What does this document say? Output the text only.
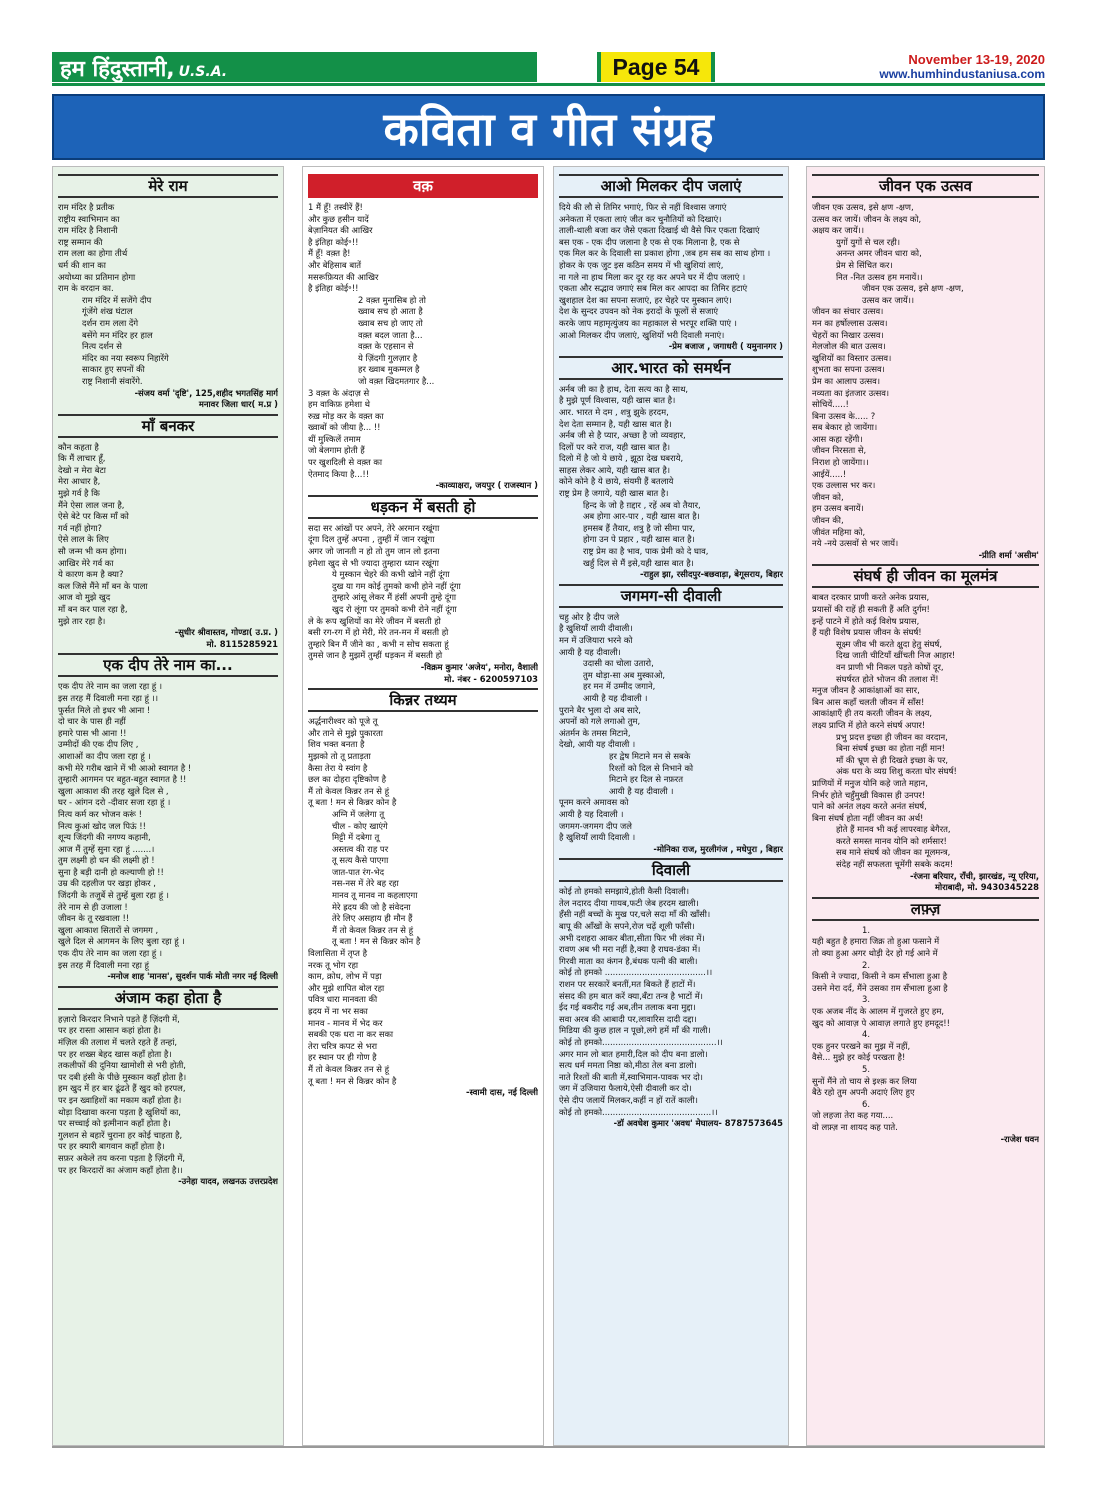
हम हिंदुस्तानी, U.S.A.	Page 54	November 13-19, 2020
www.humhindustaniusa.com
कविता व गीत संग्रह
मेरे राम
राम मंदिर है प्रतीक
राष्ट्रीय स्वाभिमान का
राम मंदिर है निशानी
राष्ट्र सम्मान की
राम लला का होगा तीर्थ
धर्म की शान का
अयोध्या का प्रतिमान होगा
राम के वरदान का.
राम मंदिर में सजेंगे दीप
गूंजेंगे शंख घंटाल
दर्शन राम लला देंगे
बसेंगे मन मंदिर हर हाल
नित्य दर्शन से
मंदिर का नया स्वरूप निहारेंगे
साकार हुए सपनों की
राष्ट्र निशानी संवारेंगे.
-संजय वर्मा 'दृष्टि', 125,शहीद भगतसिंह मार्ग
मनावर जिला धार( म.प्र )
माँ बनकर
कौन कहता है
कि मैं लाचार हूँ,
देखो न मेरा बेटा
मेरा आधार है,
मुझे गर्व है कि
मैंने ऐसा लाल जना है,
ऐसे बेटे पर किस माँ को
गर्व नहीं होगा?
ऐसे लाल के लिए
सौ जन्म भी कम होगा।
आखिर मेरे गर्व का
ये कारण कम है क्या?
कल जिसे मैंने माँ बन के पाला
आज वो मुझे खुद
माँ बन कर पाल रहा है,
मुझे तार रहा है।
-सुधीर श्रीवास्तव, गोण्डा( उ.प्र. )
मो. 8115285921
एक दीप तेरे नाम का...
एक दीप तेरे नाम का जला रहा हूं ।
इस तरह मैं दिवाली मना रहा हूं ।।
फुर्सत मिले तो इधर भी आना !
दो चार के पास ही नहीं
हमारे पास भी आना !!
उम्मीदों की एक दीप लिए ,
आशाओं का दीप जला रहा हूं ।
कभी मेरे गरीब खाने में भी आओ स्वागत है !
तुम्हारी आगमन पर बहुत-बहुत स्वागत है !!
खुला आकाश की तरह खुले दिल से ,
घर - आंगन दरो -दीवार सजा रहा हूं ।
नित्य कर्म कर भोजन करूं !
नित्य कुआं खोद जल पिऊं !!
शून्य जिंदगी की नगण्य कहानी,
आज मैं तुम्हें सुना रहा हूं .......।
तुम लक्ष्मी हो धन की लक्ष्मी हो !
सुना है बड़ी दानी हो कल्याणी हो !!
उम्र की दहलीज पर खड़ा होकर ,
जिंदगी के तजुर्बे से तुम्हें बुला रहा हूं ।
तेरे नाम से ही उजाला !
जीवन के तू रखवाला !!
खुला आकाश सितारों से जगमग ,
खुले दिल से आगमन के लिए बुला रहा हूं ।
एक दीप तेरे नाम का जला रहा हूं ।
इस तरह मैं दिवाली मना रहा हूं
-मनोज शाह 'मानस', सुदर्शन पार्क मोती नगर नई दिल्ली
अंजाम कहा होता है
हज़ारो किरदार निभाने पड़ते हैं ज़िंदगी में,
पर हर रास्ता आसान कहां होता है।
मंज़िल की तलाश में चलते रहते हैं तन्हां,
पर हर शख्स बेहद खास कहाँ होता है।
तकलीफों की दुनिया खामोशी से भरी होती,
पर दबी हंसी के पीछे मुस्कान कहाँ होता है।
हम खुद में हर बार ढूंढते हैं खुद को हरपल,
पर इन ख्वाहिशों का मकाम कहाँ होता है।
थोड़ा दिखावा करना पड़ता है खुशियों का,
पर सच्चाई को इत्मीनान कहाँ होता है।
गुलशन से बहारें चुराना हर कोई चाहता है,
पर हर क्यारी बागवान कहाँ होता है।
सफ़र अकेले तय करना पड़ता है ज़िंदगी में,
पर हर किरदारों का अंजाम कहाँ होता है।।
-उनेहा यादव, लखनऊ उत्तरप्रदेश
वक़
1 मैं हूँ! तस्वीरें हैं!
और कुछ हसीन यादें
बेज़ानियत की आखिर
है इंतिहा कोई॰!!
मैं हूँ! वक़्त है!
और बेहिसाब बातें
मसरूफ़ियत की आखिर
है इंतिहा कोई॰!!
2 वक़्त मुनासिब हो तो
ख्वाब सच हो आता है
ख्वाब सच हो जाए तो
वक़्त बदल जाता है...
वक़्त के एहसान से
ये ज़िंदगी गुलज़ार है
हर ख्वाब मुकम्मल है
जो वक़्त खिदमतगार है...
3 वक़्त के अंदाज़ से
हम वाकिफ़ हमेशा थे
रुख़ मोड़ कर के वक़्त का
ख्वाबों को जीया है... !!
थीं मुश्किलें तमाम
जो बेलगाम होती हैं
पर खुशदिली से वक़्त का
ऐतमाद किया है...!!
-काव्याक्षरा, जयपुर ( राजस्थान )
धड़कन में बसती हो
सदा सर आंखों पर अपने, तेरे अरमान रखूंगा
दूंगा दिल तुम्हें अपना , तुम्हीं में जान रखूंगा
अगर जो जानती न हो तो तुम जान लो इतना
हमेशा खुद से भी ज्यादा तुम्हारा ध्यान रखूंगा
ये मुस्कान चेहरे की कभी खोने नहीं दूंगा
दुख या गम कोई तुमको कभी होने नहीं दूंगा
तुम्हारे आंसू लेकर मैं हंसीं अपनी तुम्हे दूंगा
खुद रो लूंगा पर तुमको कभी रोने नहीं दूंगा
ले के रूप खुशियों का मेरे जीवन में बसती हो
बसी रग-रग में हो मेरी, मेरे तन-मन में बसती हो
तुम्हारे बिन मैं जीने का , कभी न सोच सकता हूं
तुमसे जान है मुझमें तुम्हीं धड़कन में बसती हो
-विक्रम कुमार 'अजेय', मनोरा, वैशाली
मो. नंबर - 6200597103
किन्नर तथ्यम
अर्द्धनारीश्वर को पूजे तू
और ताने से मुझे पुकारता
शिव भक्त बनता है
मुझको तो तू प्रताड़ता
कैसा तेरा ये स्वांग है
छल का दोहरा दृष्टिकोण है
मैं तो केवल किन्नर तन से हूं
तू बता ! मन से किन्नर कोन है
अग्नि में जलेगा तू
चील - कोए खाएंगे
मिट्टी में दबेगा तू
अस्तत्व की राह पर
तू सत्य कैसे पाएगा
जात-पात रंग-भेद
नस-नस में तेरे बह रहा
मानव तू मानव ना कहलाएगा
मेरे ह्रदय की जो है संवेदना
तेरे लिए असहाय ही मौन हैं
मैं तो केवल किन्नर तन से हूं
तू बता ! मन से किन्नर कोन है
विलासिता में तृप्त है
नरक तू भोग रहा
काम, क्रोध, लोभ में पड़ा
और मुझे शापित बोल रहा
पवित्र धारा मानवता की
ह्रदय में ना भर सका
मानव - मानव में भेद कर
सबकी एक धरा ना कर सका
तेरा चरित्र कपट से भरा
हर स्थान पर ही गोण है
मैं तो केवल किन्नर तन से हूं
तू बता ! मन से किन्नर कोन है
-स्वामी दास, नई दिल्ली
आओ मिलकर दीप जलाएं
दिये की लौ से तिमिर भगाएं, फिर से नहीं विश्वास जगाएं
अनेकता में एकता लाएं जीत कर चुनौतियों को दिखाएं।
ताली-थाली बजा कर जैसे एकता दिखाई थी वैसे फिर एकता दिखाएं
बस एक - एक दीप जलाना है एक से एक मिलाना है, एक से
एक मिल कर के दिवाली सा प्रकाश होगा ,जब हम सब का साथ होगा ।
होकर के एक जुट इस कठिन समय में भी खुशियां लाएं,
ना गले ना हाथ मिला कर दूर रह कर अपने घर में दीप जलाएं ।
एकता और सद्भाव जगाएं सब मिल कर आपदा का तिमिर हटाएं
खुशहाल देश का सपना सजाएं, हर चेहरे पर मुस्कान लाएं।
देश के सुन्दर उपवन को नेक इरादों के फूलों से सजाएं
करके जाप महामृत्युंजय का महाकाल से भरपूर शक्ति पाएं ।
आओ मिलकर दीप जलाएं, खुशियों भरी दिवाली मनाएं।
-प्रेम बजाज , जगाधरी ( यमुनानगर )
आर.भारत को समर्थन
अर्नब जी का है हाथ, देता सत्य का है साथ,
है मुझे पूर्ण विश्वास, यही खास बात है।
आर. भारत मे दम , शत्रु झुके हरदम,
देश देता सम्मान है, यही खास बात है।
अर्नब जी से है प्यार, अच्छा है जो व्यवहार,
दिलों पर करे राज, यही खास बात है।
दिलो में है जो ये छाये , झूठा देख घबराये,
साहस लेकर आये, यही खास बात है।
कोने कोने है ये छाये, संयमी हैं बतलाये
राष्ट्र प्रेम है जगाये, यही खास बात है।
हिन्द के जो है ग़द्दार , रहें अब वो तैयार,
अब होगा आर-पार , यही खास बात है।
हमसब हैं तैयार, शत्रु है जो सीमा पार,
होगा उन पे प्रहार , यही खास बात है।
राष्ट्र प्रेम का है भाव, पाक प्रेमी को दे घाव,
खर्हुं दिल से मैं इसे,यही खास बात है।
-राहुल झा, रसीदपुर-बछवाड़ा, बेगूसराय, बिहार
जगमग-सी दीवाली
चहु ओर है दीप जले
है खुशियाँ लायी दीवाली।
मन में उजियारा भरने को
आयी है यह दीवाली।
उदासी का चोला उतारो,
तुम थोड़ा-सा अब मुस्काओ,
हर मन में उम्मीद जगाने,
आयी है यह दीवाली ।
पुराने बैर भुला दो अब सारे,
अपनों को गले लगाओ तुम,
अंतर्मन के तमस मिटाने,
देखो, आयी यह दीवाली ।
हर द्वेष मिटाने मन से सबके
रिश्तों को दिल से निभाने को
मिटाने हर दिल से नफ़रत
आयी है यह दीवाली ।
पूनम करने अमावस को
आयी है यह दिवाली ।
जगमग-जगमग दीप जले
है खुशियाँ लायी दिवाली ।
-मोनिका राज, मुरलीगंज , मधेपुरा , बिहार
दिवाली
कोई तो हमको समझाये,होती कैसी दिवाली।
तेल नदारद दीया गायब,फटी जेब हरदम खाली।
हँसी नहीं बच्चों के मुख पर,चले सदा माँ की खाँसी।
बापू की आँखों के सपने,रोज चढ़ें शूली फाँसी।
अभी दशहरा आकर बीता,सीता फिर भी लंका में।
रावण अब भी मरा नहीं है,क्या है राघव-डंका में।
गिरवी माता का कंगन है,बंधक पत्नी की बाली।
कोई तो हमको ......................................।।
राशन पर सरकारें बनतीं,मत बिकते हैं हाटों में।
संसद की हम बात करें क्या,बँटा तन्त्र है भाटों में।
ईद गई बकरीद गई अब,तीन तलाक बना मुद्दा।
सवा अरब की आबादी पर,लावारिस दादी दद्दा।
मिडिया की कुछ हाल न पूछो,लगे हमें माँ की गाली।
कोई तो हमको...........................................।।
अगर मान लो बात हमारी,दिल को दीप बना डालो।
सत्य धर्म ममता निष्ठा को,मीठा तेल बना डालो।
नाते रिश्तों की बाती में,स्वाभिमान-पावक भर दो।
जग में उजियारा फैलाये,ऐसी दीवाली कर दो।
ऐसे दीप जलायें मिलकर,कहीं न हों रातें काली।
कोई तो हमको.........................................।।
-डॉ अवधेश कुमार 'अवध' मेघालय- 8787573645
जीवन एक उत्सव
जीवन एक उत्सव, इसे क्षण -क्षण,
उत्सव कर जायें। जीवन के लक्ष्य को,
अक्षय कर जायें।।
युगों युगों से चल रही।
अनन्त अमर जीवन धारा को,
प्रेम से सिंचित कर।
नित -नित उत्सव हम मनायें।।
जीवन एक उत्सव, इसे क्षण -क्षण,
उत्सव कर जायें।।
जीवन का संचार उत्सव।
मन का हर्षोल्लास उत्सव।
चेहरों का निखार उत्सव।
मेलजोल की बात उत्सव।
खुशियों का विस्तार उत्सव।
शुभता का सपना उत्सव।
प्रेम का आलाप उत्सव।
नव्यता का इंतजार उत्सव।
सोचियें.....!
बिना उत्सव के..... ?
सब बेकार हो जायेंगा।
आस कहा रहेंगी।
जीवन निरसता से,
निराश हो जायेंगा।।
आईयें.....!
एक उल्लास भर कर।
जीवन को,
हम उत्सव बनायें।
जीवन की,
जीवंत महिमा को,
नये -नये उत्सवों से भर जायें।
-प्रीति शर्मा 'असीम'
संघर्ष ही जीवन का मूलमंत्र
बाबत दरकार प्राणी करते अनेक प्रयास,
प्रयासों की राहें ही सकती हैं अति दुर्गम!
इन्हें पाटने में होते कई विशेष प्रयास,
हैं यही विशेष प्रयास जीवन के संघर्ष!
सूक्ष्म जीव भी करते क्षुदा हेतु संघर्ष,
दिख जाती चीटियाँ खींचती निज आहार!
वन प्राणी भी निकल पड़ते कोषों दूर,
संघर्षरत होते भोजन की तलाश में!
मनुज जीवन है आकांक्षाओं का सार,
बिन आस कहाँ चलती जीवन में साँस!
आकांक्षाएँ ही तय करती जीवन के लक्ष्य,
लक्ष्य प्राप्ति में होते करने संघर्ष अपार!
प्रभु प्रदत्त इच्छा ही जीवन का वरदान,
बिना संघर्ष इच्छा का होता नहीं मान!
माँ की भ्रूण से ही दिखते इच्छा के पर,
अंक धरा के व्यग्र शिशु करता घोर संघर्ष!
प्राणियों में मनुज योनि कहे जाते महान,
निर्भर होते चहुँमुखी विकास ही उनपर!
पाने को अनंत लक्ष्य करते अनंत संघर्ष,
बिना संघर्ष होता नहीं जीवन का अर्थ!
होते हैं मानव भी कई लापरवाह बेगैरत,
करते समस्त मानव योनि को शर्मसार!
सब माने संघर्ष को जीवन का मूलमन्त्र,
संदेह नहीं सफलता चूमेंगी सबके कदम!
-रंजना बरियार, राँची, झारखंड, न्यू एरिया,
मोराबादी, मो. 9430345228
लफ़्ज़
1.
यही बहुत है हमारा जिक्र तो हुआ फसाने में
तो क्या हुआ अगर थोड़ी देर हो गई आने में
2.
किसी ने ज्यादा, किसी ने कम सँभाला हुआ है
उसने मेरा दर्द, मैंने उसका ग़म सँभाला हुआ है
3.
एक अजब नींद के आलम में गुजरते हुए हम,
खुद को आवाज़ पे आवाज़ लगाते हुए हमदूद!!
4.
एक हुनर परखने का मुझ में नहीं,
वैसे... मुझे हर कोई परखता है!
5.
सुनों मैंने तो चाय से इश्क़ कर लिया
बैठे रहो तुम अपनी अदाएं लिए हुए
6.
जो लहजा तेरा कह गया....
वो लफ़्ज़ ना शायद कह पाते.
-राजेश धवन
